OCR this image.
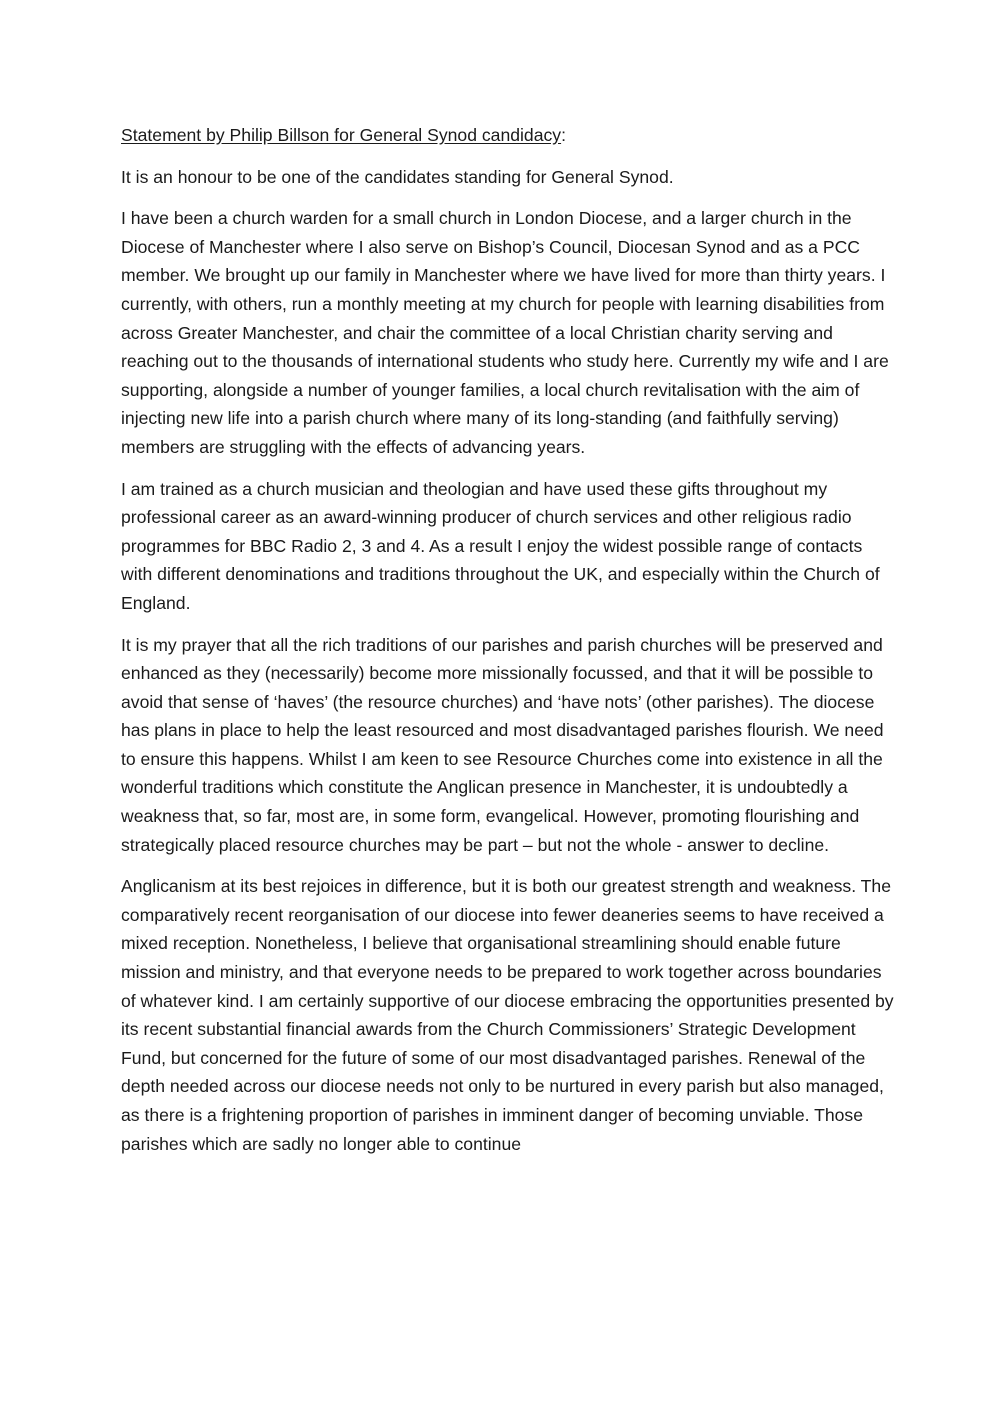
Statement by Philip Billson for General Synod candidacy:

It is an honour to be one of the candidates standing for General Synod.

I have been a church warden for a small church in London Diocese, and a larger church in the Diocese of Manchester where I also serve on Bishop’s Council, Diocesan Synod and as a PCC member. We brought up our family in Manchester where we have lived for more than thirty years. I currently, with others, run a monthly meeting at my church for people with learning disabilities from across Greater Manchester, and chair the committee of a local Christian charity serving and reaching out to the thousands of international students who study here. Currently my wife and I are supporting, alongside a number of younger families, a local church revitalisation with the aim of injecting new life into a parish church where many of its long-standing (and faithfully serving) members are struggling with the effects of advancing years.

I am trained as a church musician and theologian and have used these gifts throughout my professional career as an award-winning producer of church services and other religious radio programmes for BBC Radio 2, 3 and 4. As a result I enjoy the widest possible range of contacts with different denominations and traditions throughout the UK, and especially within the Church of England.

It is my prayer that all the rich traditions of our parishes and parish churches will be preserved and enhanced as they (necessarily) become more missionally focussed, and that it will be possible to avoid that sense of ‘haves’ (the resource churches) and ‘have nots’ (other parishes). The diocese has plans in place to help the least resourced and most disadvantaged parishes flourish. We need to ensure this happens. Whilst I am keen to see Resource Churches come into existence in all the wonderful traditions which constitute the Anglican presence in Manchester, it is undoubtedly a weakness that, so far, most are, in some form, evangelical. However, promoting flourishing and strategically placed resource churches may be part – but not the whole - answer to decline.

Anglicanism at its best rejoices in difference, but it is both our greatest strength and weakness. The comparatively recent reorganisation of our diocese into fewer deaneries seems to have received a mixed reception. Nonetheless, I believe that organisational streamlining should enable future mission and ministry, and that everyone needs to be prepared to work together across boundaries of whatever kind. I am certainly supportive of our diocese embracing the opportunities presented by its recent substantial financial awards from the Church Commissioners’ Strategic Development Fund, but concerned for the future of some of our most disadvantaged parishes. Renewal of the depth needed across our diocese needs not only to be nurtured in every parish but also managed, as there is a frightening proportion of parishes in imminent danger of becoming unviable. Those parishes which are sadly no longer able to continue
